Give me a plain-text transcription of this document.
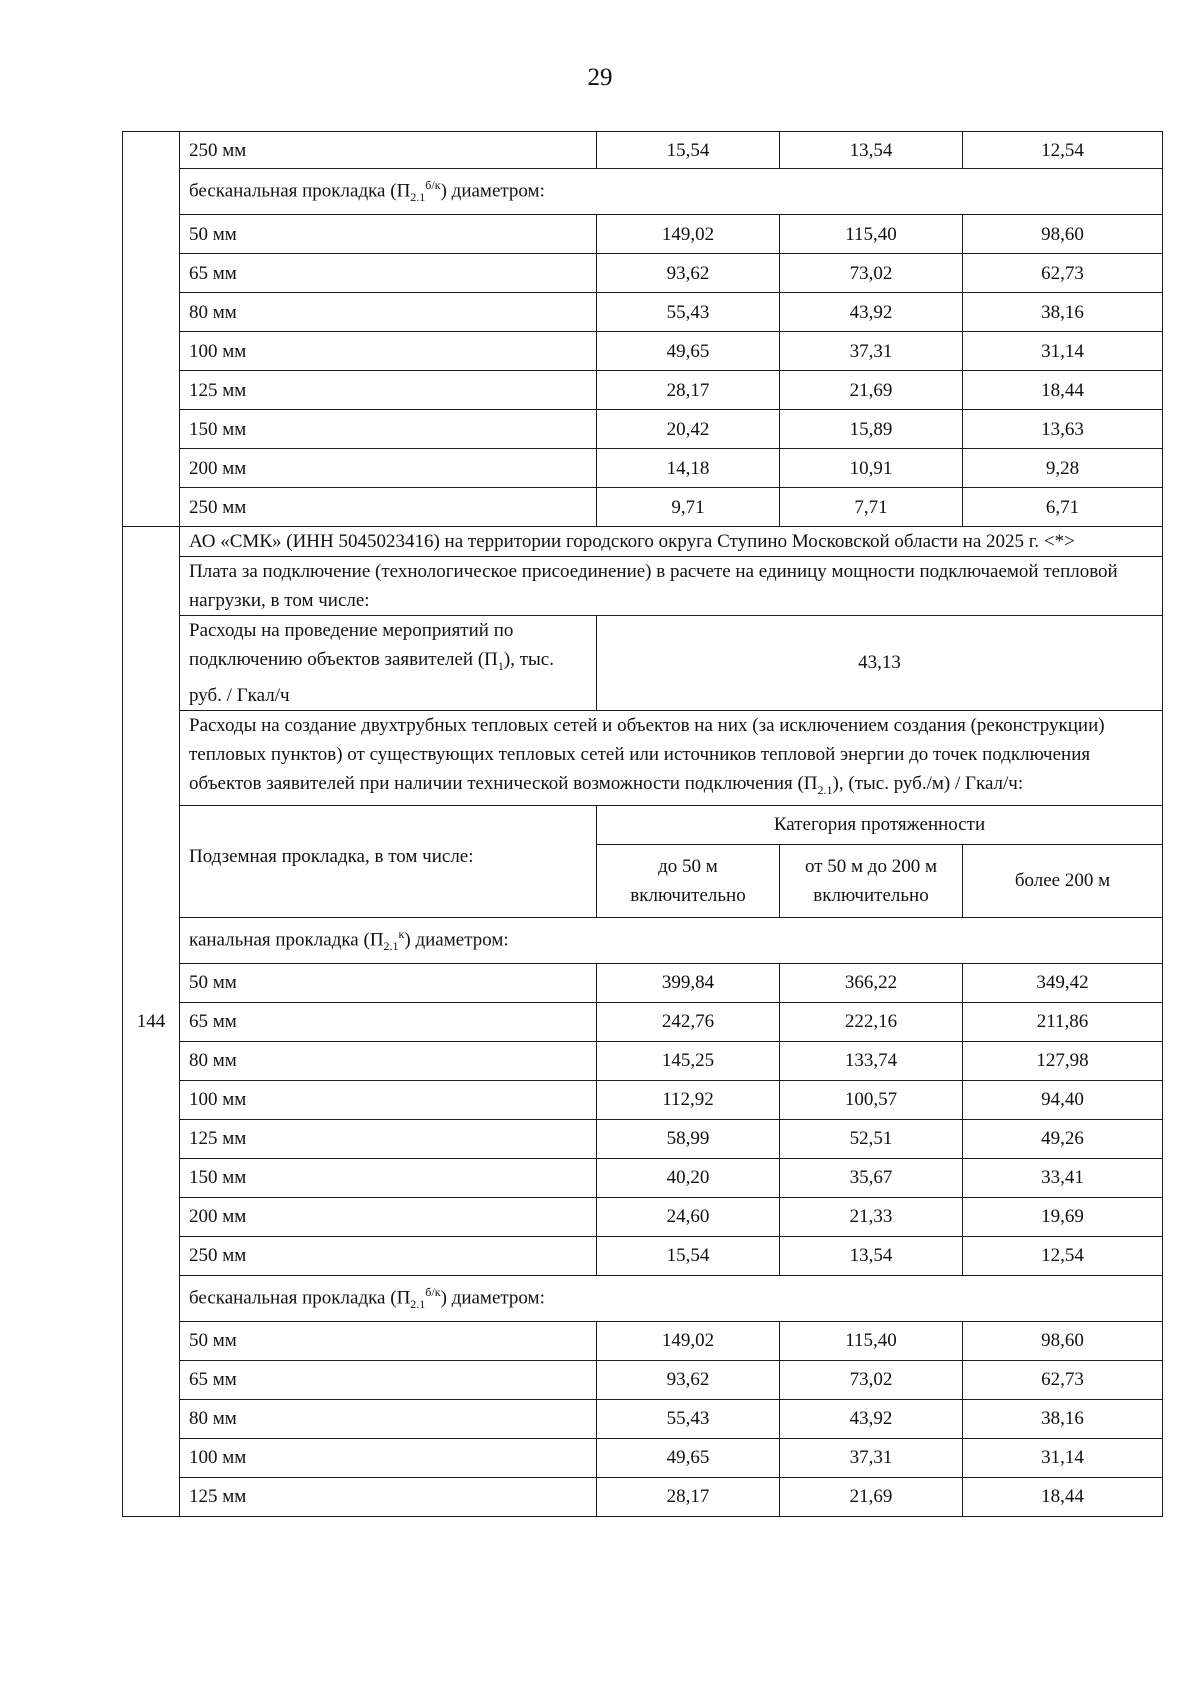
29
	250 мм	15,54	13,54	12,54
	бесканальная прокладка $(П_{2.1}^{б/к})$ диаметром:			
	50 мм	149,02	115,40	98,60
	65 мм	93,62	73,02	62,73
	80 мм	55,43	43,92	38,16
	100 мм	49,65	37,31	31,14
	125 мм	28,17	21,69	18,44
	150 мм	20,42	15,89	13,63
	200 мм	14,18	10,91	9,28
	250 мм	9,71	7,71	6,71
144	АО «СМК» (ИНН 5045023416) на территории городского округа Ступино Московской области на 2025 г. <*>			
	Плата за подключение (технологическое присоединение) в расчете на единицу мощности подключаемой тепловой нагрузки, в том числе:			
	Расходы на проведение мероприятий по подключению объектов заявителей $(П_1)$, тыс. руб. / Гкал/ч	43,13		
	Расходы на создание двухтрубных тепловых сетей и объектов на них (за исключением создания (реконструкции) тепловых пунктов) от существующих тепловых сетей или источников тепловой энергии до точек подключения объектов заявителей при наличии технической возможности подключения $(П_{2.1})$, (тыс. руб./м) / Гкал/ч:			
	Подземная прокладка, в том числе:	Категория протяженности		
		до 50 м включительно	от 50 м до 200 м включительно	более 200 м
	канальная прокладка $(П_{2.1}^к)$ диаметром:			
	50 мм	399,84	366,22	349,42
	65 мм	242,76	222,16	211,86
	80 мм	145,25	133,74	127,98
	100 мм	112,92	100,57	94,40
	125 мм	58,99	52,51	49,26
	150 мм	40,20	35,67	33,41
	200 мм	24,60	21,33	19,69
	250 мм	15,54	13,54	12,54
	бесканальная прокладка $(П_{2.1}^{б/к})$ диаметром:			
	50 мм	149,02	115,40	98,60
	65 мм	93,62	73,02	62,73
	80 мм	55,43	43,92	38,16
	100 мм	49,65	37,31	31,14
	125 мм	28,17	21,69	18,44
